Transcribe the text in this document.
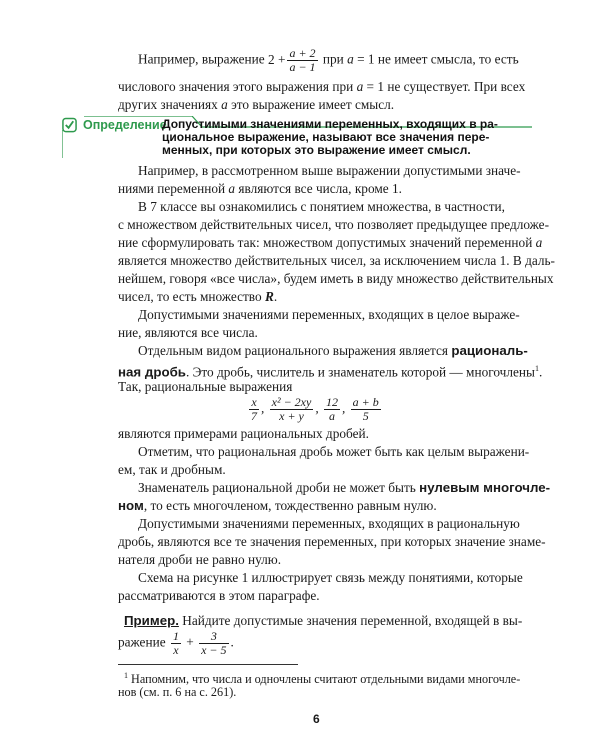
Например, выражение $2 + \frac{a + 2}{a - 1}$ при a = 1 не имеет смысла, то есть
числового значения этого выражения при a = 1 не существует. При всех
других значениях a это выражение имеет смысл.
Определение
Допустимыми значениями переменных, входящих в ра-
циональное выражение, называют все значения пере-
менных, при которых это выражение имеет смысл.
Например, в рассмотренном выше выражении допустимыми значе-
ниями переменной a являются все числа, кроме 1.
В 7 классе вы ознакомились с понятием множества, в частности,
с множеством действительных чисел, что позволяет предыдущее предложе-
ние сформулировать так: множеством допустимых значений переменной a
является множество действительных чисел, за исключением числа 1. В даль-
нейшем, говоря «все числа», будем иметь в виду множество действительных
чисел, то есть множество R.
Допустимыми значениями переменных, входящих в целое выраже-
ние, являются все числа.
Отдельным видом рационального выражения является рациональ-
ная дробь. Это дробь, числитель и знаменатель которой — многочлены$^1$.
Так, рациональные выражения
$\frac{x}{7}$ , $\frac{\text{x² − 2xy}}{x + y}$ , $\frac{12}{a}$ , $\frac{a + b}{5}$
являются примерами рациональных дробей.
Отметим, что рациональная дробь может быть как целым выражени-
ем, так и дробным.
Знаменатель рациональной дроби не может быть нулевым многочле-
ном, то есть многочленом, тождественно равным нулю.
Допустимыми значениями переменных, входящих в рациональную
дробь, являются все те значения переменных, при которых значение знаме-
нателя дроби не равно нулю.
Схема на рисунке 1 иллюстрирует связь между понятиями, которые
рассматриваются в этом параграфе.
$^1$ Напомним, что числа и одночлены считают отдельными видами многочле-
нов (см. п. 6 на с. 261).
6
Пример. Найдите допустимые значения переменной, входящей в вы-
ражение $\frac{1}{x} + \frac{3}{x - 5}$ .
